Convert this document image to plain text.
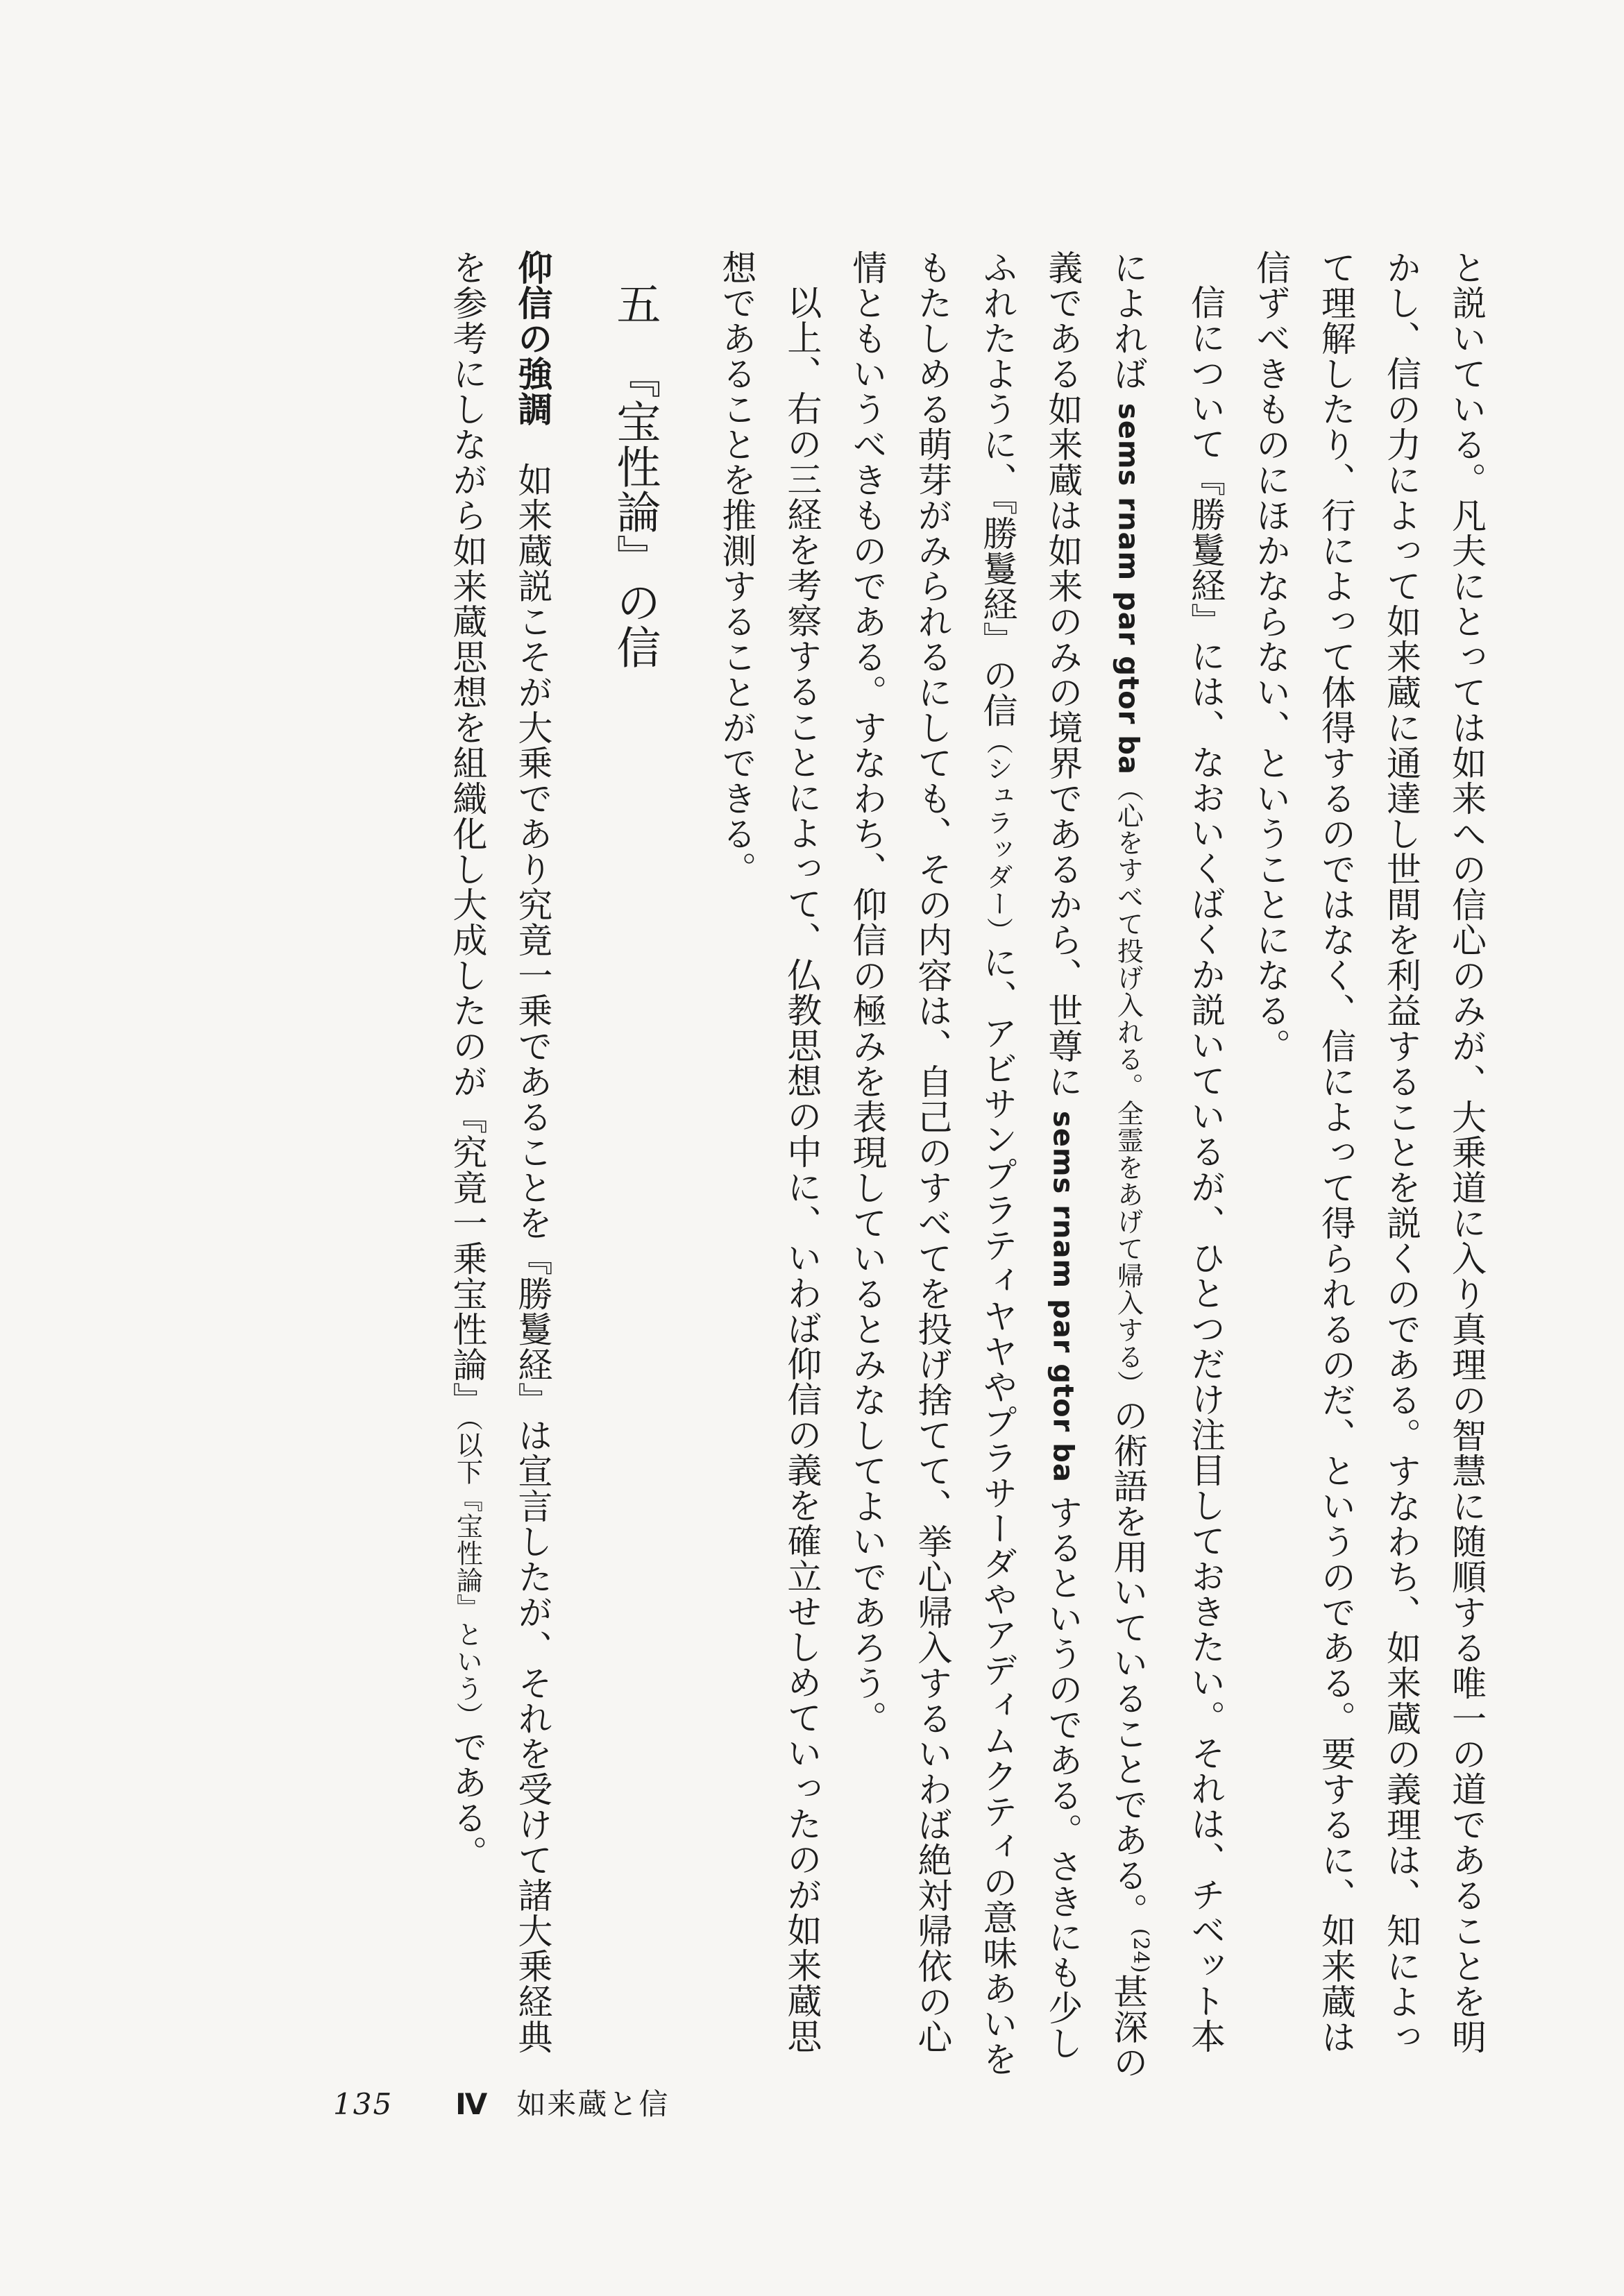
と説いている。凡夫にとっては如来への信心のみが、大乗道に入り真理の智慧に随順する唯一の道であることを明かし、信の力によって如来蔵に通達し世間を利益することを説くのである。すなわち、如来蔵の義理は、知によって理解したり、行によって体得するのではなく、信によって得られるのだ、というのである。要するに、如来蔵は信ずべきものにほかならない、ということになる。

信について『勝鬘経』には、なおいくばくか説いているが、ひとつだけ注目しておきたい。それは、チベット本によれば sems rnam par gtor ba（心をすべて投げ入れる。全霊をあげて帰入する）の術語を用いていることである。$^{(24)}$甚深の義である如来蔵は如来のみの境界であるから、世尊に sems rnam par gtor ba するというのである。さきにも少しふれたように、『勝鬘経』の信（シュラッダー）に、アビサンプラティヤヤやプラサーダやアディムクティの意味あいをもたしめる萌芽がみられるにしても、その内容は、自己のすべてを投げ捨てて、挙心帰入するいわば絶対帰依の心情ともいうべきものである。すなわち、仰信の極みを表現しているとみなしてよいであろう。

以上、右の三経を考察することによって、仏教思想の中に、いわば仰信の義を確立せしめていったのが如来蔵思想であることを推測することができる。

五『宝性論』の信

仰信の強調　如来蔵説こそが大乗であり究竟一乗であることを『勝鬘経』は宣言したが、それを受けて諸大乗経典を参考にしながら如来蔵思想を組織化し大成したのが『究竟一乗宝性論』（以下『宝性論』という）である。

135 Ⅳ 如来蔵と信
